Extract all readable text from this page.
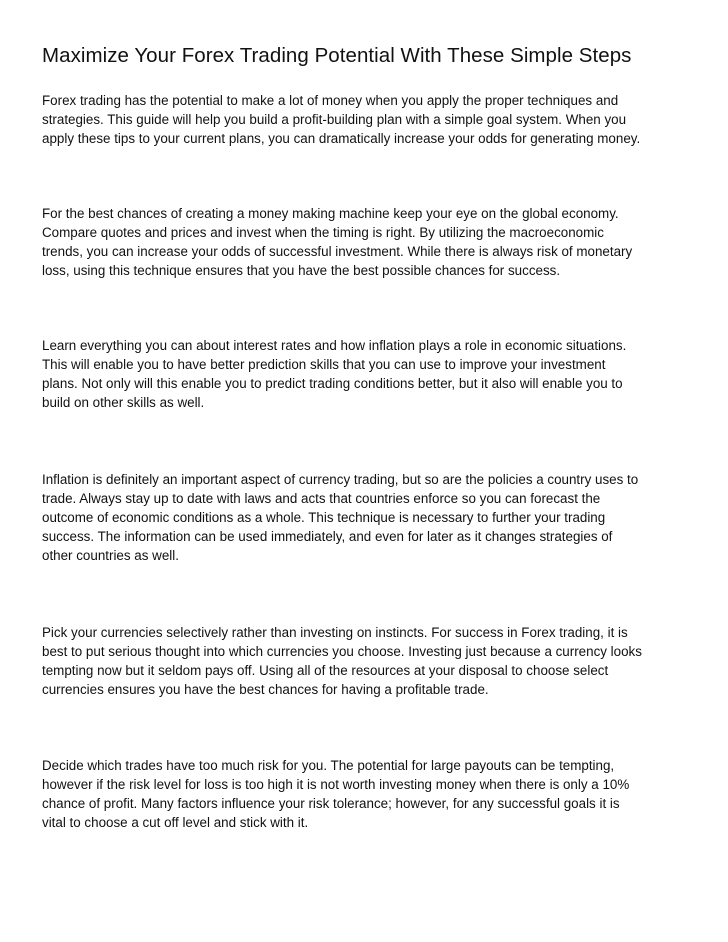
Maximize Your Forex Trading Potential With These Simple Steps

Forex trading has the potential to make a lot of money when you apply the proper techniques and
strategies. This guide will help you build a profit-building plan with a simple goal system. When you
apply these tips to your current plans, you can dramatically increase your odds for generating money.

For the best chances of creating a money making machine keep your eye on the global economy.
Compare quotes and prices and invest when the timing is right. By utilizing the macroeconomic
trends, you can increase your odds of successful investment. While there is always risk of monetary
loss, using this technique ensures that you have the best possible chances for success.

Learn everything you can about interest rates and how inflation plays a role in economic situations.
This will enable you to have better prediction skills that you can use to improve your investment
plans. Not only will this enable you to predict trading conditions better, but it also will enable you to
build on other skills as well.

Inflation is definitely an important aspect of currency trading, but so are the policies a country uses to
trade. Always stay up to date with laws and acts that countries enforce so you can forecast the
outcome of economic conditions as a whole. This technique is necessary to further your trading
success. The information can be used immediately, and even for later as it changes strategies of
other countries as well.

Pick your currencies selectively rather than investing on instincts. For success in Forex trading, it is
best to put serious thought into which currencies you choose. Investing just because a currency looks
tempting now but it seldom pays off. Using all of the resources at your disposal to choose select
currencies ensures you have the best chances for having a profitable trade.

Decide which trades have too much risk for you. The potential for large payouts can be tempting,
however if the risk level for loss is too high it is not worth investing money when there is only a 10%
chance of profit. Many factors influence your risk tolerance; however, for any successful goals it is
vital to choose a cut off level and stick with it.
